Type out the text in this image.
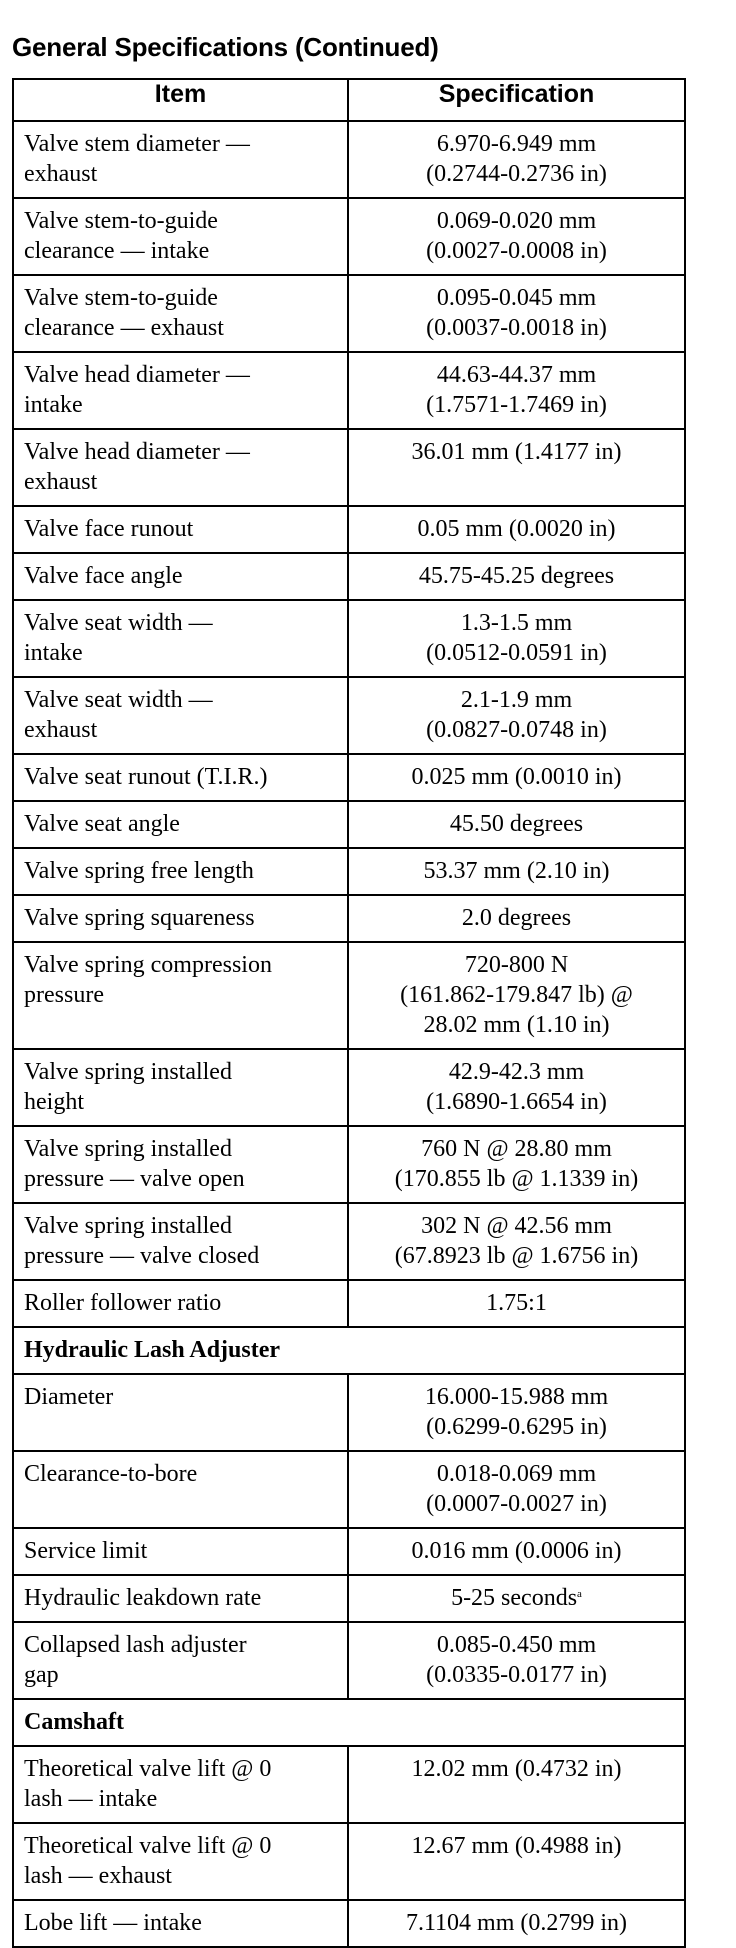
General Specifications (Continued)
Item	Specification
Valve stem diameter —
exhaust	6.970-6.949 mm
(0.2744-0.2736 in)
Valve stem-to-guide
clearance — intake	0.069-0.020 mm
(0.0027-0.0008 in)
Valve stem-to-guide
clearance — exhaust	0.095-0.045 mm
(0.0037-0.0018 in)
Valve head diameter —
intake	44.63-44.37 mm
(1.7571-1.7469 in)
Valve head diameter —
exhaust	36.01 mm (1.4177 in)
Valve face runout	0.05 mm (0.0020 in)
Valve face angle	45.75-45.25 degrees
Valve seat width —
intake	1.3-1.5 mm
(0.0512-0.0591 in)
Valve seat width —
exhaust	2.1-1.9 mm
(0.0827-0.0748 in)
Valve seat runout (T.I.R.)	0.025 mm (0.0010 in)
Valve seat angle	45.50 degrees
Valve spring free length	53.37 mm (2.10 in)
Valve spring squareness	2.0 degrees
Valve spring compression
pressure	720-800 N
(161.862-179.847 lb) @
28.02 mm (1.10 in)
Valve spring installed
height	42.9-42.3 mm
(1.6890-1.6654 in)
Valve spring installed
pressure — valve open	760 N @ 28.80 mm
(170.855 lb @ 1.1339 in)
Valve spring installed
pressure — valve closed	302 N @ 42.56 mm
(67.8923 lb @ 1.6756 in)
Roller follower ratio	1.75:1
Hydraulic Lash Adjuster	
Diameter	16.000-15.988 mm
(0.6299-0.6295 in)
Clearance-to-bore	0.018-0.069 mm
(0.0007-0.0027 in)
Service limit	0.016 mm (0.0006 in)
Hydraulic leakdown rate	5-25 seconds$^a$
Collapsed lash adjuster
gap	0.085-0.450 mm
(0.0335-0.0177 in)
Camshaft	
Theoretical valve lift @ 0
lash — intake	12.02 mm (0.4732 in)
Theoretical valve lift @ 0
lash — exhaust	12.67 mm (0.4988 in)
Lobe lift — intake	7.1104 mm (0.2799 in)
